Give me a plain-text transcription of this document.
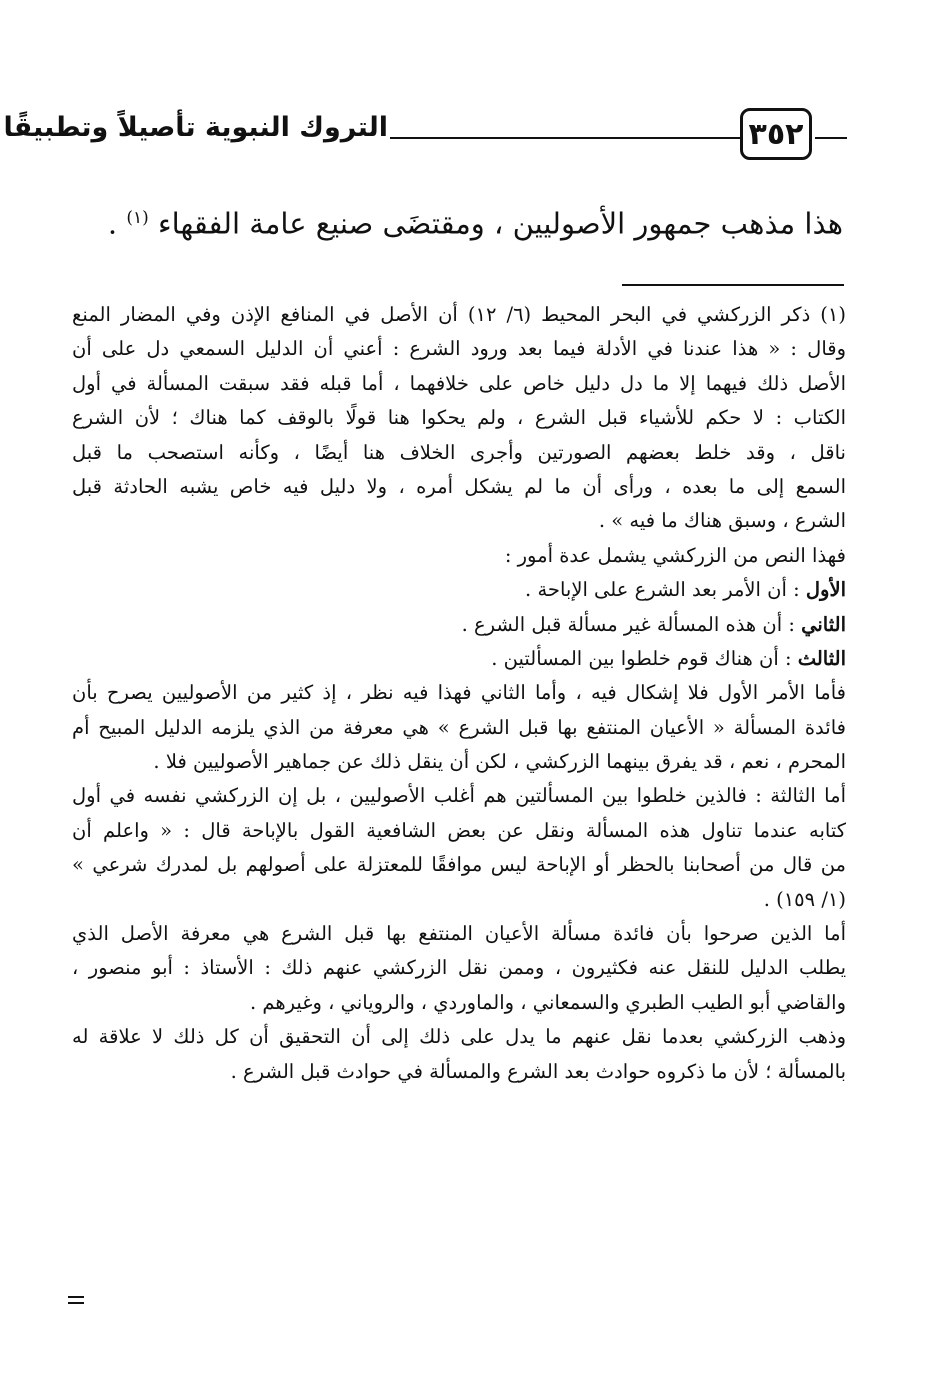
٣٥٢
التروك النبوية تأصيلاً وتطبيقًا
هذا مذهب جمهور الأصوليين ، ومقتضَى صنيع عامة الفقهاء $^{(١)}$ .
(١) ذكر الزركشي في البحر المحيط (٦/ ١٢) أن الأصل في المنافع الإذن وفي المضار المنع
وقال : « هذا عندنا في الأدلة فيما بعد ورود الشرع : أعني أن الدليل السمعي دل على أن
الأصل ذلك فيهما إلا ما دل دليل خاص على خلافهما ، أما قبله فقد سبقت المسألة في أول
الكتاب : لا حكم للأشياء قبل الشرع ، ولم يحكوا هنا قولًا بالوقف كما هناك ؛ لأن الشرع
ناقل ، وقد خلط بعضهم الصورتين وأجرى الخلاف هنا أيضًا ، وكأنه استصحب ما قبل
السمع إلى ما بعده ، ورأى أن ما لم يشكل أمره ، ولا دليل فيه خاص يشبه الحادثة قبل
الشرع ، وسبق هناك ما فيه » .
فهذا النص من الزركشي يشمل عدة أمور :
الأول : أن الأمر بعد الشرع على الإباحة .
الثاني : أن هذه المسألة غير مسألة قبل الشرع .
الثالث : أن هناك قوم خلطوا بين المسألتين .
فأما الأمر الأول فلا إشكال فيه ، وأما الثاني فهذا فيه نظر ، إذ كثير من الأصوليين يصرح بأن
فائدة المسألة « الأعيان المنتفع بها قبل الشرع » هي معرفة من الذي يلزمه الدليل المبيح أم
المحرم ، نعم ، قد يفرق بينهما الزركشي ، لكن أن ينقل ذلك عن جماهير الأصوليين فلا .
أما الثالثة : فالذين خلطوا بين المسألتين هم أغلب الأصوليين ، بل إن الزركشي نفسه في أول
كتابه عندما تناول هذه المسألة ونقل عن بعض الشافعية القول بالإباحة قال : « واعلم أن
من قال من أصحابنا بالحظر أو الإباحة ليس موافقًا للمعتزلة على أصولهم بل لمدرك شرعي »
(١/ ١٥٩) .
أما الذين صرحوا بأن فائدة مسألة الأعيان المنتفع بها قبل الشرع هي معرفة الأصل الذي
يطلب الدليل للنقل عنه فكثيرون ، وممن نقل الزركشي عنهم ذلك : الأستاذ : أبو منصور ،
والقاضي أبو الطيب الطبري والسمعاني ، والماوردي ، والروياني ، وغيرهم .
وذهب الزركشي بعدما نقل عنهم ما يدل على ذلك إلى أن التحقيق أن كل ذلك لا علاقة له
بالمسألة ؛ لأن ما ذكروه حوادث بعد الشرع والمسألة في حوادث قبل الشرع .
